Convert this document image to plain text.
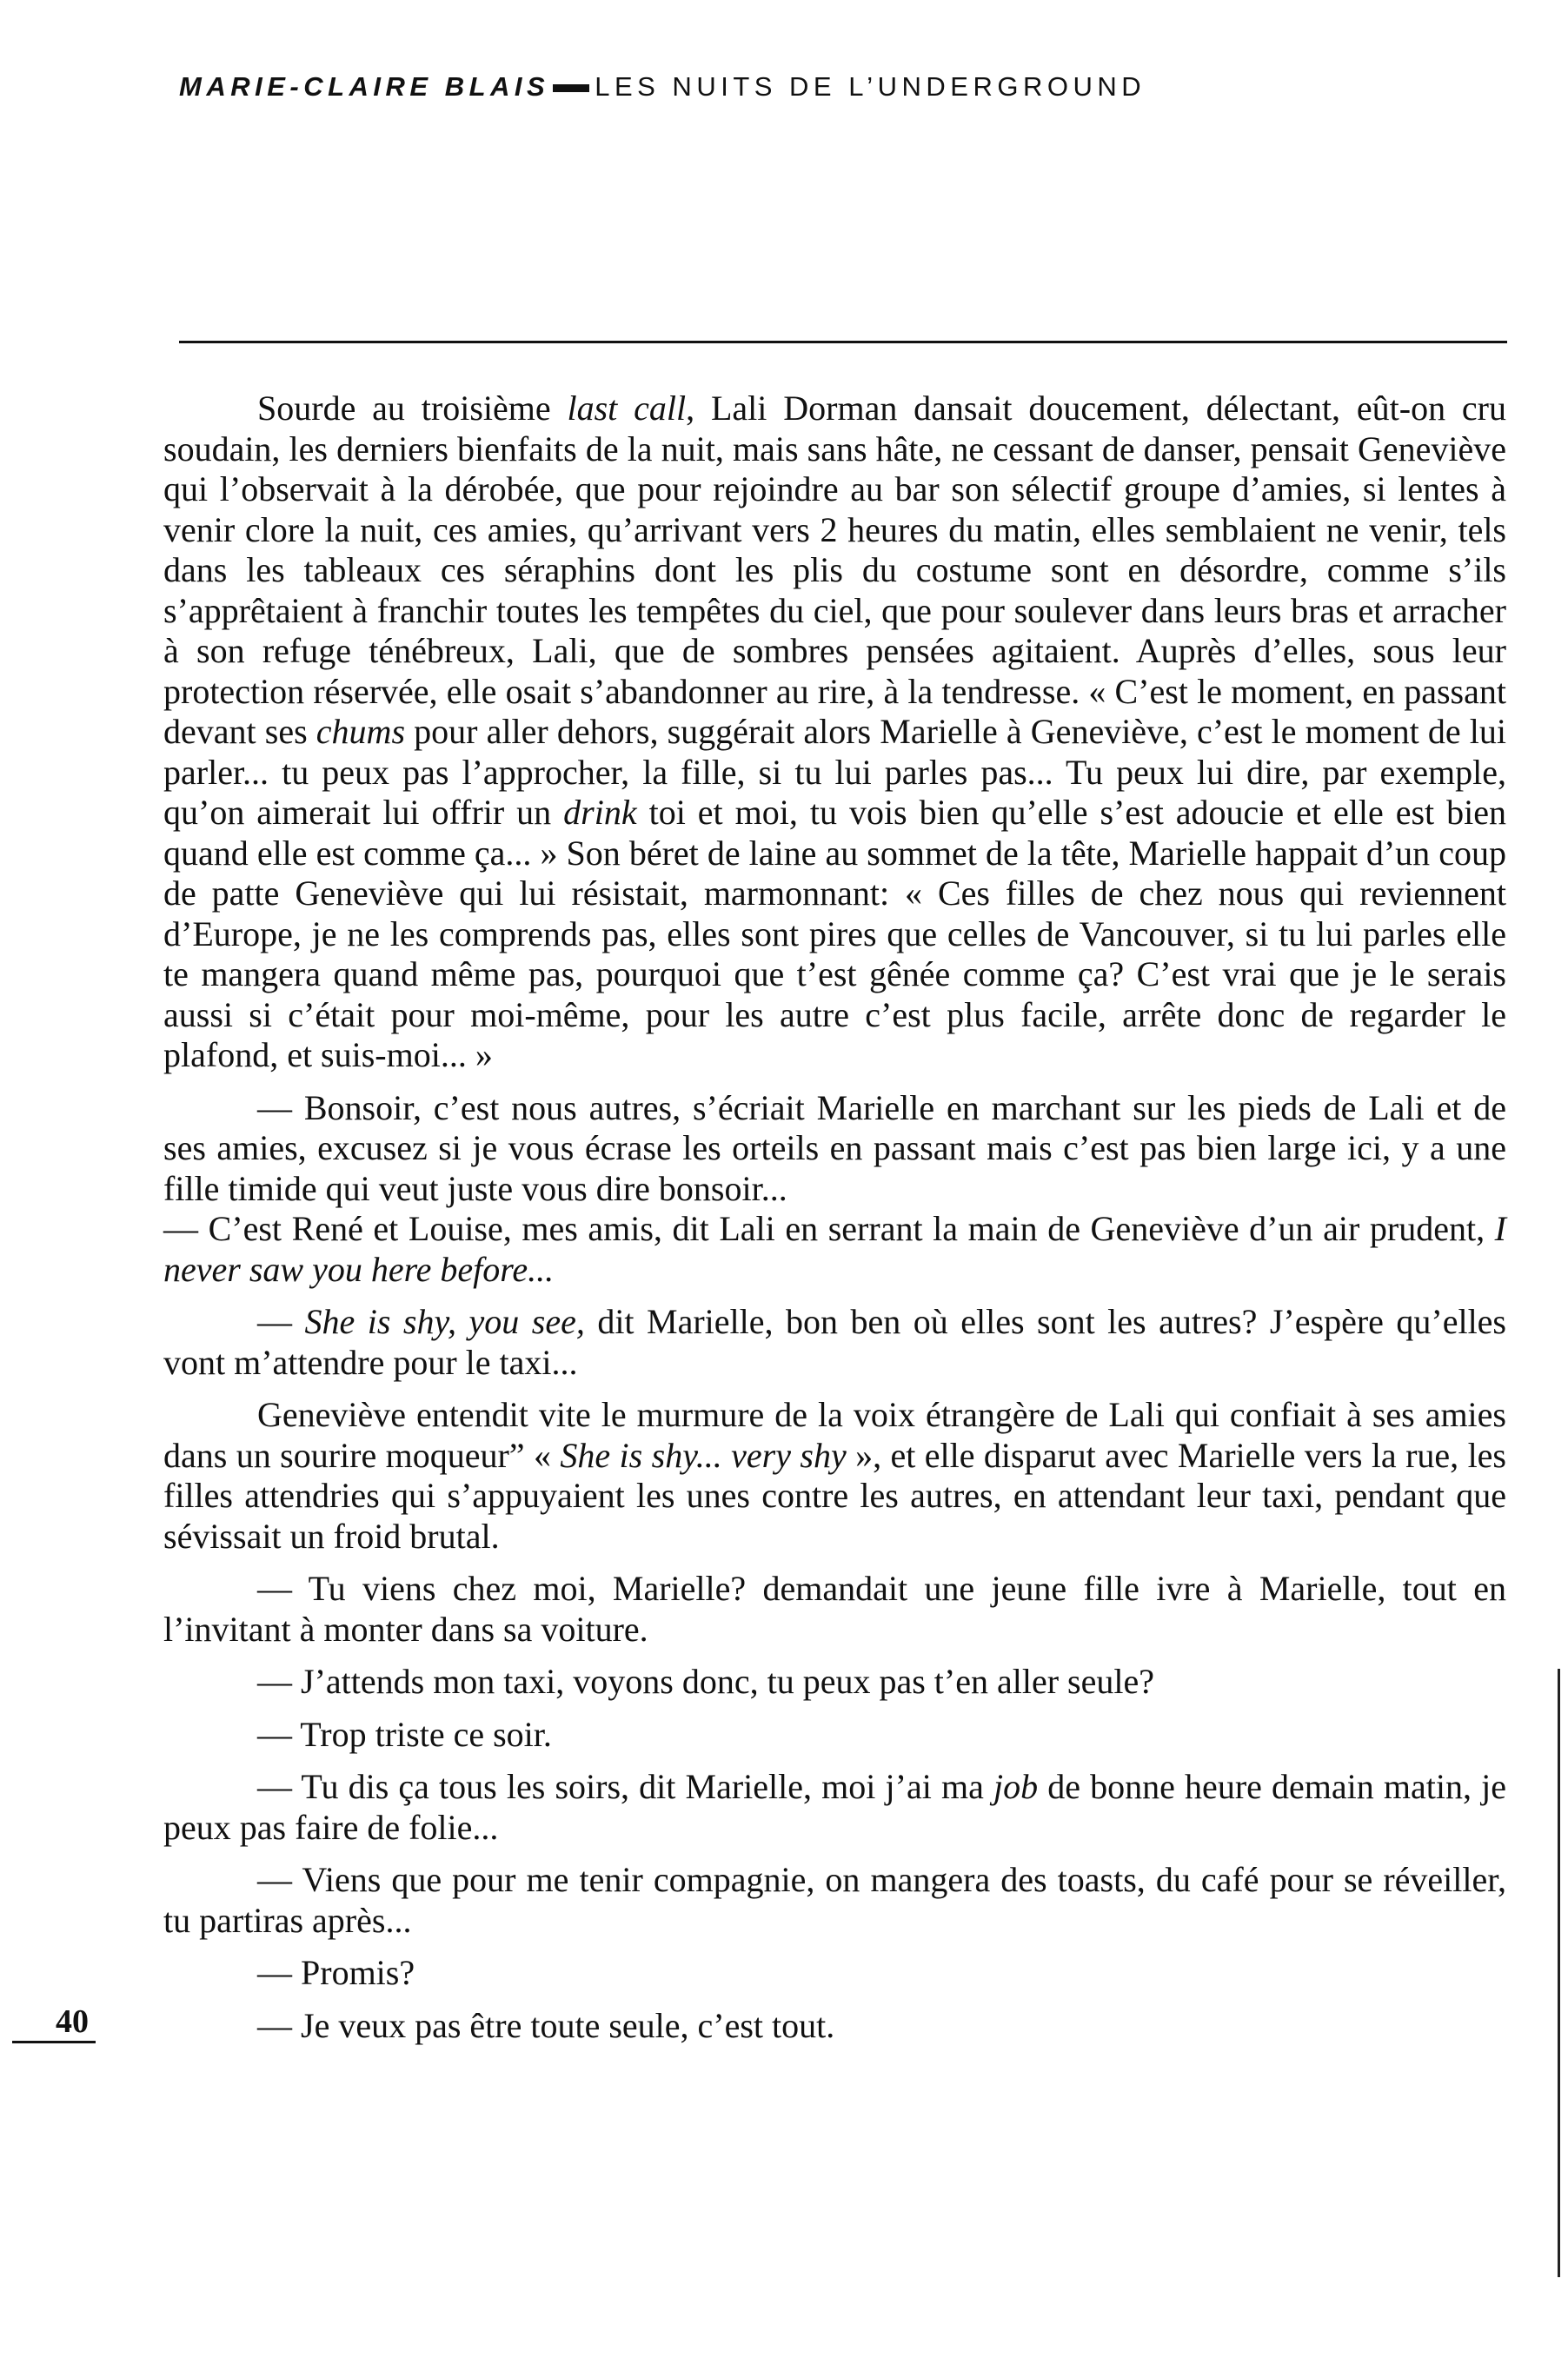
MARIE-CLAIRE BLAIS LES NUITS DE L’UNDERGROUND

Sourde au troisième last call, Lali Dorman dansait doucement, délectant, eût-on cru soudain, les derniers bienfaits de la nuit, mais sans hâte, ne cessant de danser, pensait Geneviève qui l’observait à la dérobée, que pour rejoindre au bar son sélectif groupe d’amies, si lentes à venir clore la nuit, ces amies, qu’arrivant vers 2 heures du matin, elles semblaient ne venir, tels dans les tableaux ces séraphins dont les plis du costume sont en désordre, comme s’ils s’apprêtaient à franchir toutes les tempêtes du ciel, que pour soulever dans leurs bras et arracher à son refuge ténébreux, Lali, que de sombres pensées agitaient. Auprès d’elles, sous leur protection réservée, elle osait s’abandonner au rire, à la tendresse. « C’est le moment, en passant devant ses chums pour aller dehors, suggérait alors Marielle à Geneviève, c’est le moment de lui parler... tu peux pas l’approcher, la fille, si tu lui parles pas... Tu peux lui dire, par exemple, qu’on aimerait lui offrir un drink toi et moi, tu vois bien qu’elle s’est adoucie et elle est bien quand elle est comme ça... » Son béret de laine au sommet de la tête, Marielle happait d’un coup de patte Geneviève qui lui résistait, marmonnant: « Ces filles de chez nous qui reviennent d’Europe, je ne les comprends pas, elles sont pires que celles de Vancouver, si tu lui parles elle te mangera quand même pas, pourquoi que t’est gênée comme ça? C’est vrai que je le serais aussi si c’était pour moi-même, pour les autre c’est plus facile, arrête donc de regarder le plafond, et suis-moi... »

— Bonsoir, c’est nous autres, s’écriait Marielle en marchant sur les pieds de Lali et de ses amies, excusez si je vous écrase les orteils en passant mais c’est pas bien large ici, y a une fille timide qui veut juste vous dire bonsoir...

— C’est René et Louise, mes amis, dit Lali en serrant la main de Geneviève d’un air prudent, I never saw you here before...

— She is shy, you see, dit Marielle, bon ben où elles sont les autres? J’espère qu’elles vont m’attendre pour le taxi...

Geneviève entendit vite le murmure de la voix étrangère de Lali qui confiait à ses amies dans un sourire moqueur” « She is shy... very shy », et elle disparut avec Marielle vers la rue, les filles attendries qui s’appuyaient les unes contre les autres, en attendant leur taxi, pendant que sévissait un froid brutal.

— Tu viens chez moi, Marielle? demandait une jeune fille ivre à Marielle, tout en l’invitant à monter dans sa voiture.

— J’attends mon taxi, voyons donc, tu peux pas t’en aller seule?

— Trop triste ce soir.

— Tu dis ça tous les soirs, dit Marielle, moi j’ai ma job de bonne heure demain matin, je peux pas faire de folie...

— Viens que pour me tenir compagnie, on mangera des toasts, du café pour se réveiller, tu partiras après...

— Promis?

— Je veux pas être toute seule, c’est tout.

40
